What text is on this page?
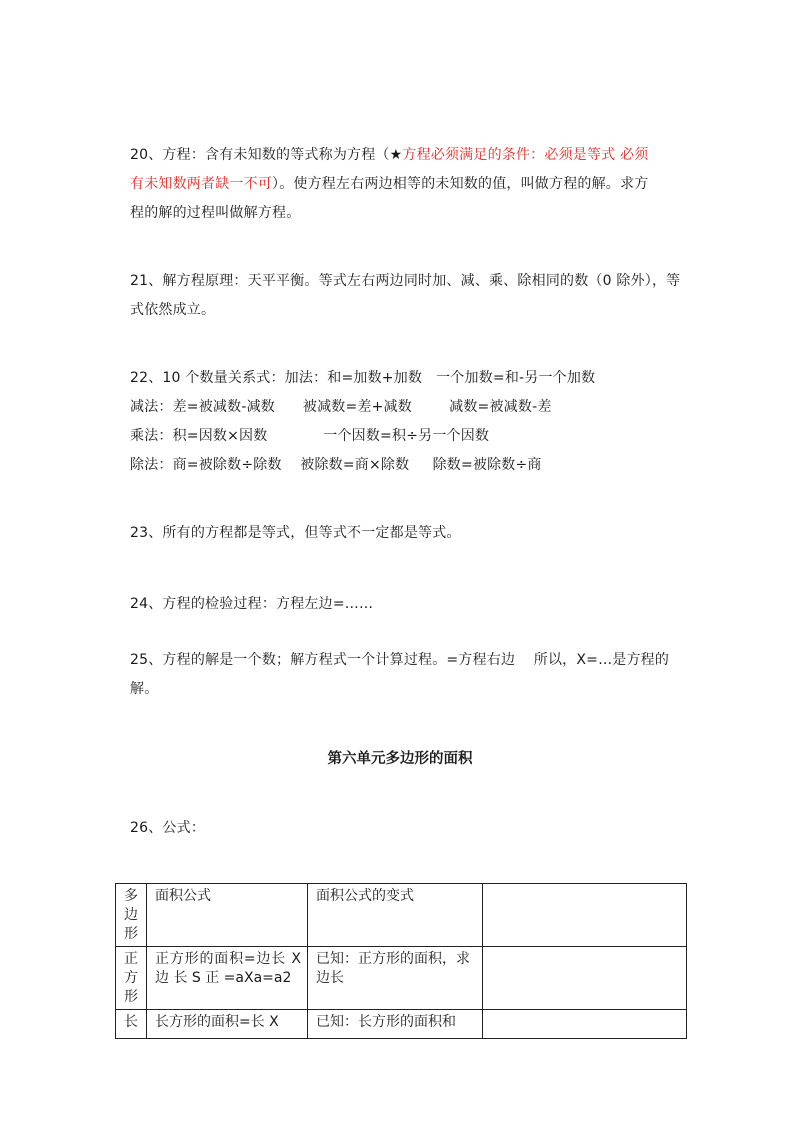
20、方程：含有未知数的等式称为方程（★方程必须满足的条件：必须是等式 必须
有未知数两者缺一不可）。使方程左右两边相等的未知数的值，叫做方程的解。求方
程的解的过程叫做解方程。
21、解方程原理：天平平衡。等式左右两边同时加、减、乘、除相同的数（0 除外），等
式依然成立。
22、10 个数量关系式：加法：和=加数+加数   一个加数=和-另一个加数
减法：差=被减数-减数      被减数=差+减数        减数=被减数-差
乘法：积=因数×因数            一个因数=积÷另一个因数
除法：商=被除数÷除数    被除数=商×除数     除数=被除数÷商
23、所有的方程都是等式，但等式不一定都是等式。
24、方程的检验过程：方程左边=……
25、方程的解是一个数；解方程式一个计算过程。=方程右边    所以，X=…是方程的
解。
第六单元多边形的面积
26、公式：
多边形	面积公式	面积公式的变式	
正方形	正方形的面积=边长 X 边 长 S 正 =aXa=a2	已知：正方形的面积，求边长	
长	长方形的面积=长 X	已知：长方形的面积和	
